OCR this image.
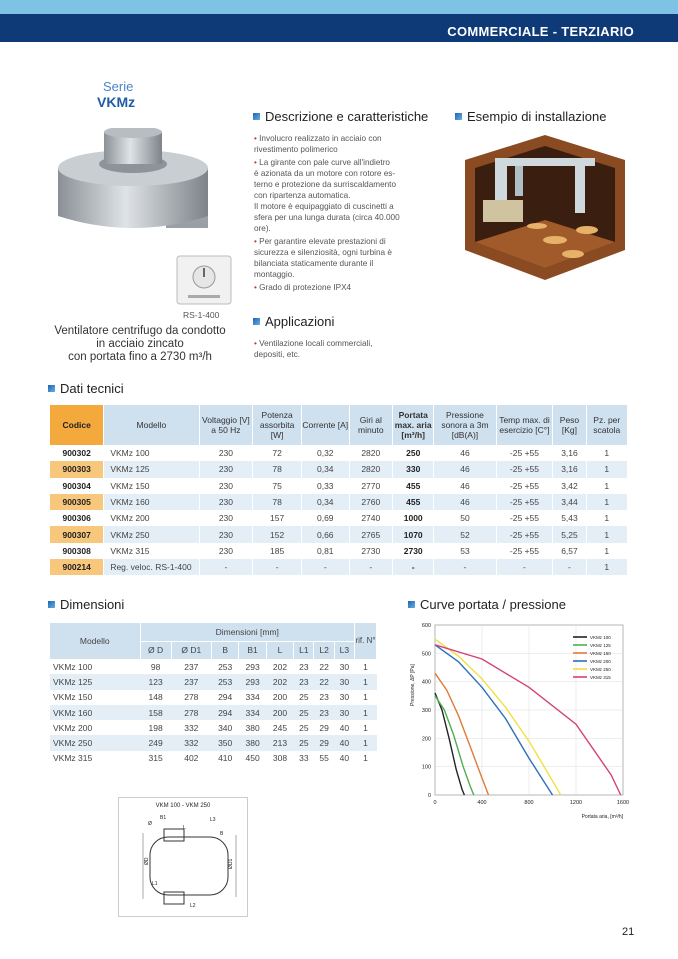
COMMERCIALE - TERZIARIO
Serie
VKMz
RS-1-400
Ventilatore centrifugo da condotto
in acciaio zincato
con portata fino a 2730 m³/h
Descrizione e caratteristiche
• Involucro realizzato in acciaio con
rivestimento polimerico
• La girante con pale curve all'indietro
è azionata da un motore con rotore es-
terno e protezione da surriscaldamento
con ripartenza automatica.
Il motore è equipaggiato di cuscinetti a
sfera per una lunga durata (circa 40.000
ore).
• Per garantire elevate prestazioni di
sicurezza e silenziosità, ogni turbina è
bilanciata staticamente durante il
montaggio.
• Grado di protezione IPX4
Applicazioni
• Ventilazione locali commerciali,
depositi, etc.
Esempio di installazione
Dati tecnici
Codice	Modello	Voltaggio [V] a 50 Hz	Potenza assorbita [W]	Corrente [A]	Giri al minuto	Portata max. aria [m³/h]	Pressione sonora a 3m [dB(A)]	Temp max. di esercizio [C°]	Peso [Kg]	Pz. per scatola
900302	VKMz 100	230	72	0,32	2820	250	46	-25 +55	3,16	1
900303	VKMz 125	230	78	0,34	2820	330	46	-25 +55	3,16	1
900304	VKMz 150	230	75	0,33	2770	455	46	-25 +55	3,42	1
900305	VKMz 160	230	78	0,34	2760	455	46	-25 +55	3,44	1
900306	VKMz 200	230	157	0,69	2740	1000	50	-25 +55	5,43	1
900307	VKMz 250	230	152	0,66	2765	1070	52	-25 +55	5,25	1
900308	VKMz 315	230	185	0,81	2730	2730	53	-25 +55	6,57	1
900214	Reg. veloc. RS-1-400	-	-	-	-	-	-	-	-	1
Dimensioni
Modello	Dimensioni [mm]								rif. N°
	Ø D	Ø D1	B	B1	L	L1	L2	L3	
VKMz 100	98	237	253	293	202	23	22	30	1
VKMz 125	123	237	253	293	202	23	22	30	1
VKMz 150	148	278	294	334	200	25	23	30	1
VKMz 160	158	278	294	334	200	25	23	30	1
VKMz 200	198	332	340	380	245	25	29	40	1
VKMz 250	249	332	350	380	213	25	29	40	1
VKMz 315	315	402	410	450	308	33	55	40	1
VKM 100 - VKM 250
L3
B1
L
Ø
B
ØD	ØD1
L1
L2
Curve portata / pressione
0
100
200
300
400
500
600
0	400	800	1200	1600
Portata aria, [m³/h]
Pressione, ΔP [Pa]
VKMz 100
VKMz 125
VKMz 150
VKMz 200
VKMz 250
VKMz 315
21
